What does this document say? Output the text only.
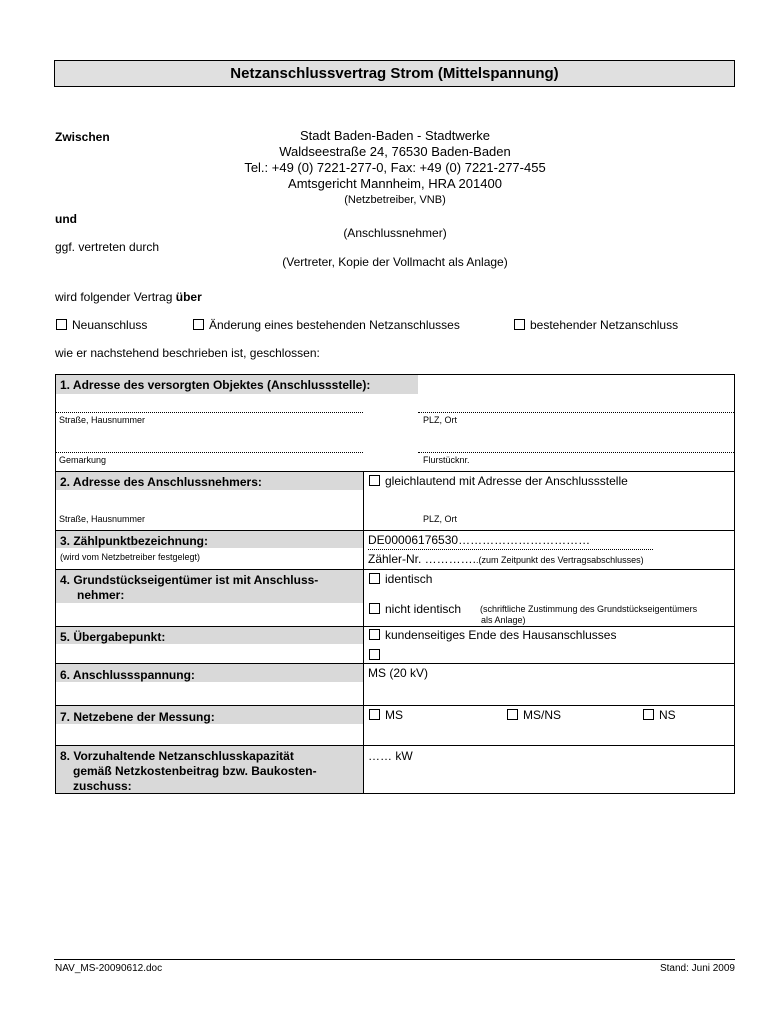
Netzanschlussvertrag Strom (Mittelspannung)
Zwischen	Stadt Baden-Baden - Stadtwerke
Waldseestraße 24, 76530 Baden-Baden
Tel.: +49 (0) 7221-277-0, Fax: +49 (0) 7221-277-455
Amtsgericht Mannheim, HRA 201400
(Netzbetreiber, VNB)
und
(Anschlussnehmer)
ggf. vertreten durch
(Vertreter, Kopie der Vollmacht als Anlage)
wird folgender Vertrag über
Neuanschluss	Änderung eines bestehenden Netzanschlusses	bestehender Netzanschluss
wie er nachstehend beschrieben ist, geschlossen:
1. Adresse des versorgten Objektes (Anschlussstelle):
Straße, Hausnummer	PLZ, Ort
Gemarkung	Flurstücknr.
2. Adresse des Anschlussnehmers:	gleichlautend mit Adresse der Anschlussstelle
Straße, Hausnummer	PLZ, Ort
3. Zählpunktbezeichnung:
(wird vom Netzbetreiber festgelegt)
DE00006176530……………………………
Zähler-Nr. …………..(zum Zeitpunkt des Vertragsabschlusses)
4. Grundstückseigentümer ist mit Anschluss-
nehmer:
identisch
nicht identisch (schriftliche Zustimmung des Grundstückseigentümers
als Anlage)
5. Übergabepunkt:	kundenseitiges Ende des Hausanschlusses
6. Anschlussspannung:	MS (20 kV)
7. Netzebene der Messung:	MS	MS/NS	NS
8. Vorzuhaltende Netzanschlusskapazität
gemäß Netzkostenbeitrag bzw. Baukosten-
zuschuss:
…… kW
NAV_MS-20090612.doc	Stand: Juni 2009
